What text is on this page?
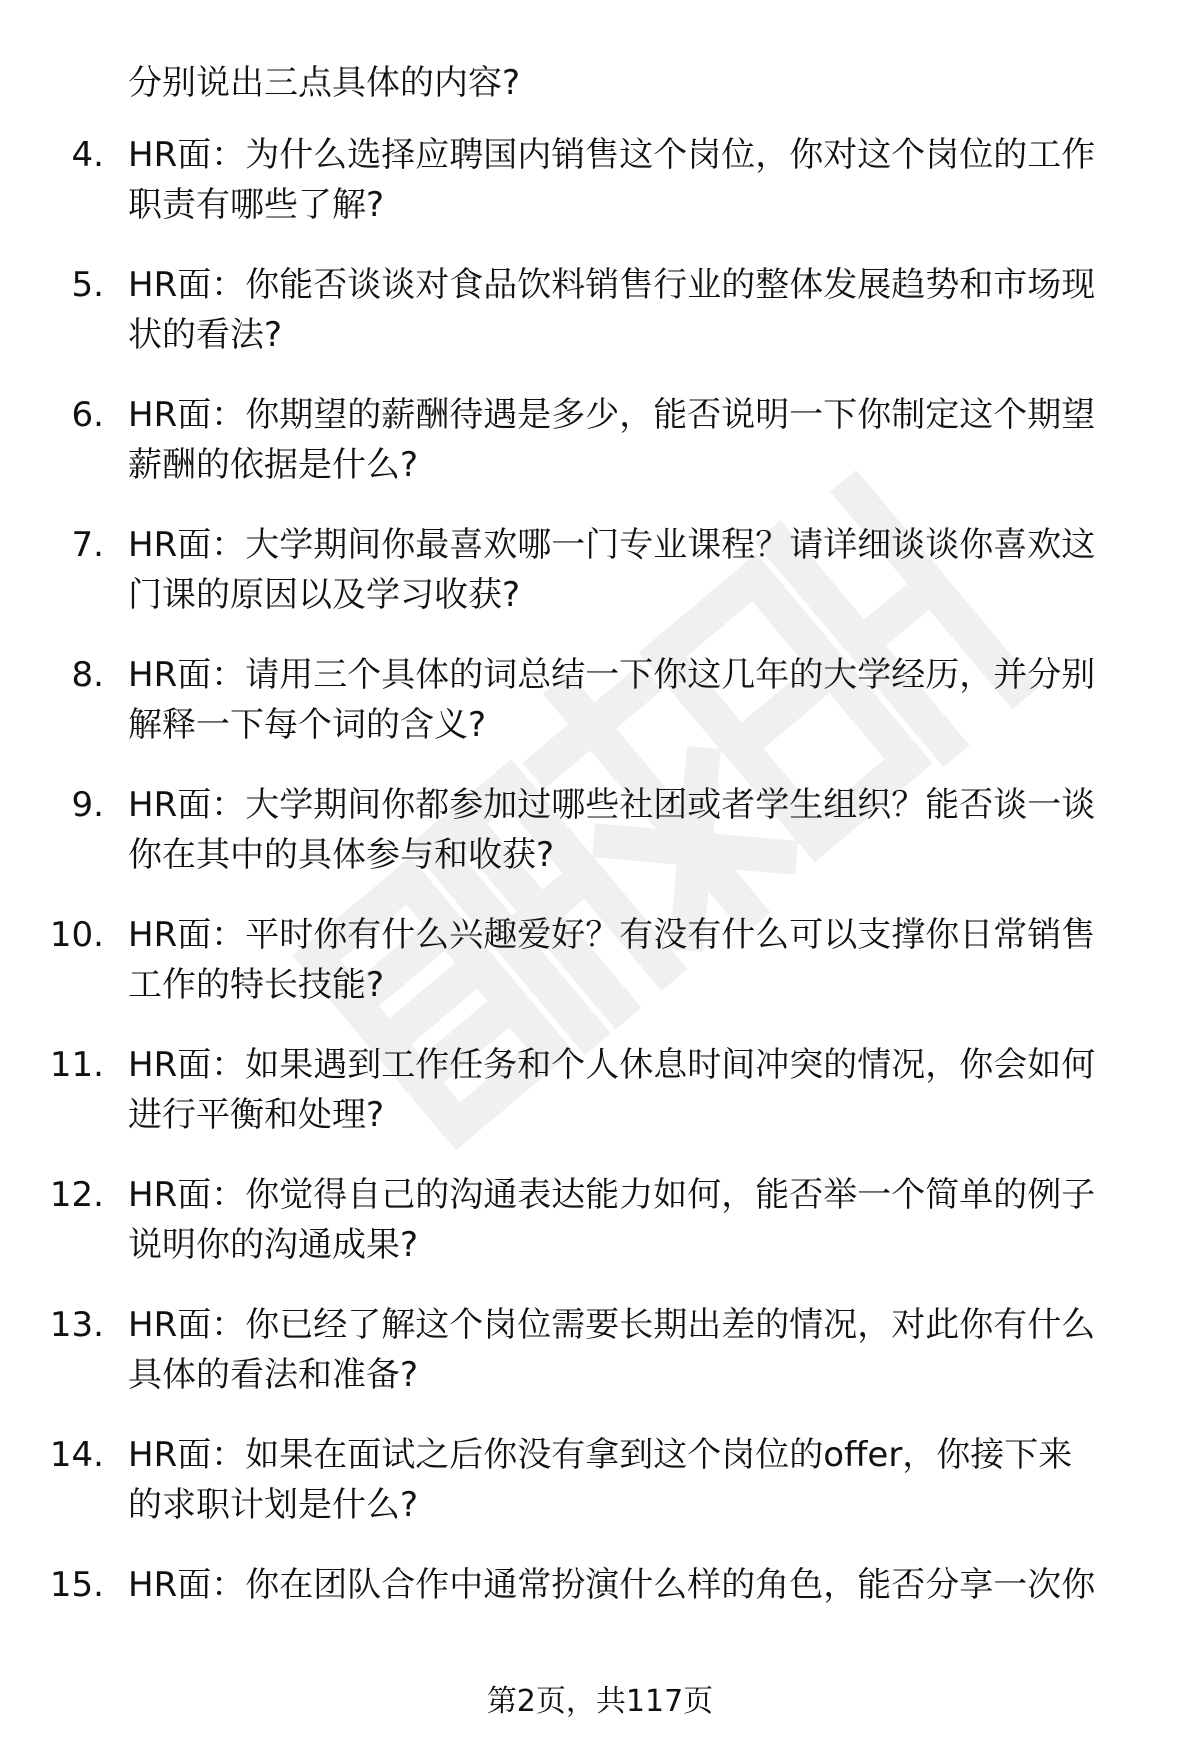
分别说出三点具体的内容?
4. HR面：为什么选择应聘国内销售这个岗位，你对这个岗位的工作
职责有哪些了解?
5. HR面：你能否谈谈对食品饮料销售行业的整体发展趋势和市场现
状的看法?
6. HR面：你期望的薪酬待遇是多少，能否说明一下你制定这个期望
薪酬的依据是什么?
7. HR面：大学期间你最喜欢哪一门专业课程？请详细谈谈你喜欢这
门课的原因以及学习收获?
8. HR面：请用三个具体的词总结一下你这几年的大学经历，并分别
解释一下每个词的含义?
9. HR面：大学期间你都参加过哪些社团或者学生组织？能否谈一谈
你在其中的具体参与和收获?
10. HR面：平时你有什么兴趣爱好？有没有什么可以支撑你日常销售
工作的特长技能?
11. HR面：如果遇到工作任务和个人休息时间冲突的情况，你会如何
进行平衡和处理?
12. HR面：你觉得自己的沟通表达能力如何，能否举一个简单的例子
说明你的沟通成果?
13. HR面：你已经了解这个岗位需要长期出差的情况，对此你有什么
具体的看法和准备?
14. HR面：如果在面试之后你没有拿到这个岗位的offer，你接下来
的求职计划是什么?
15. HR面：你在团队合作中通常扮演什么样的角色，能否分享一次你
第2页，共117页
